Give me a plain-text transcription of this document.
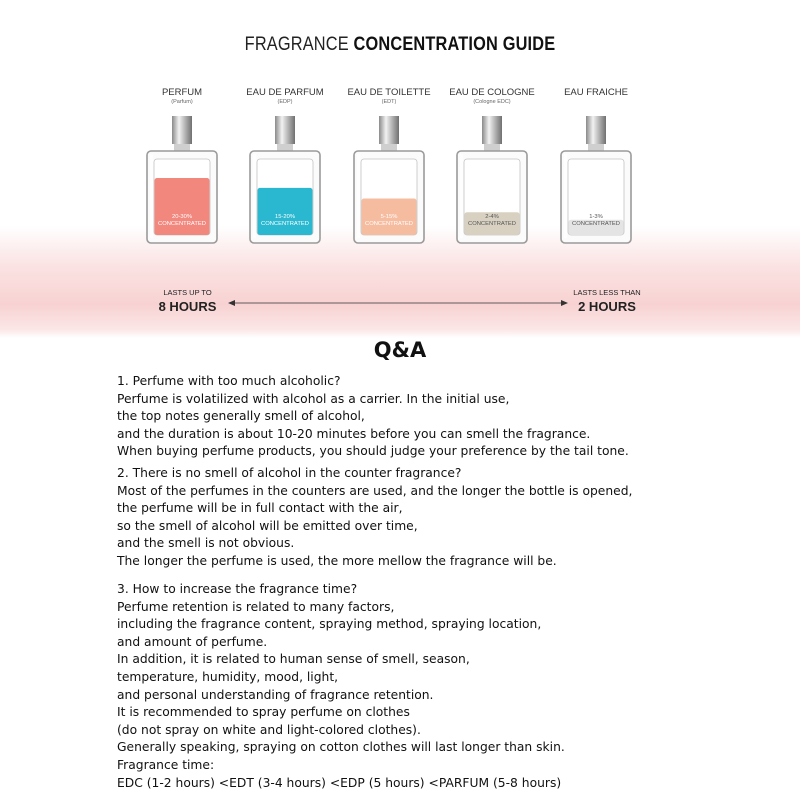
FRAGRANCE CONCENTRATION GUIDE
PERFUM
(Parfum)
20-30%
CONCENTRATED
EAU DE PARFUM
(EDP)
15-20%
CONCENTRATED
EAU DE TOILETTE
(EDT)
5-15%
CONCENTRATED
EAU DE COLOGNE
(Cologne EDC)
2-4%
CONCENTRATED
EAU FRAICHE
1-3%
CONCENTRATED
LASTS UP TO
8 HOURS
LASTS LESS THAN
2 HOURS
Q&A

1. Perfume with too much alcoholic?

Perfume is volatilized with alcohol as a carrier. In the initial use,

the top notes generally smell of alcohol,

and the duration is about 10-20 minutes before you can smell the fragrance.

When buying perfume products, you should judge your preference by the tail tone.

2. There is no smell of alcohol in the counter fragrance?

Most of the perfumes in the counters are used, and the longer the bottle is opened,

the perfume will be in full contact with the air,

so the smell of alcohol will be emitted over time,

and the smell is not obvious.

The longer the perfume is used, the more mellow the fragrance will be.

3. How to increase the fragrance time?

Perfume retention is related to many factors,

including the fragrance content, spraying method, spraying location,

and amount of perfume.

In addition, it is related to human sense of smell, season,

temperature, humidity, mood, light,

and personal understanding of fragrance retention.

It is recommended to spray perfume on clothes

(do not spray on white and light-colored clothes).

Generally speaking, spraying on cotton clothes will last longer than skin.

Fragrance time:

EDC (1-2 hours) <EDT (3-4 hours) <EDP (5 hours) <PARFUM (5-8 hours)
